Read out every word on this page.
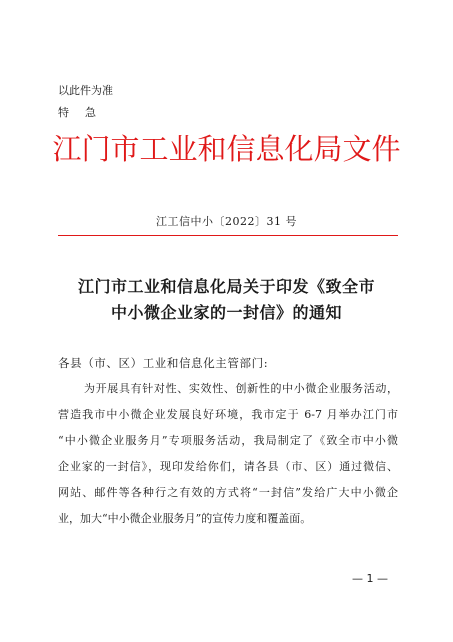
以此件为准
特急
江门市工业和信息化局文件
江工信中小〔2022〕31 号
江门市工业和信息化局关于印发《致全市
中小微企业家的一封信》的通知
各县（市、区）工业和信息化主管部门:
为开展具有针对性、实效性、创新性的中小微企业服务活动，
营造我市中小微企业发展良好环境，我市定于 6-7 月举办江门市
“中小微企业服务月”专项服务活动，我局制定了《致全市中小微
企业家的一封信》，现印发给你们，请各县（市、区）通过微信、
网站、邮件等各种行之有效的方式将“一封信”发给广大中小微企
业，加大“中小微企业服务月”的宣传力度和覆盖面。
— 1 —
